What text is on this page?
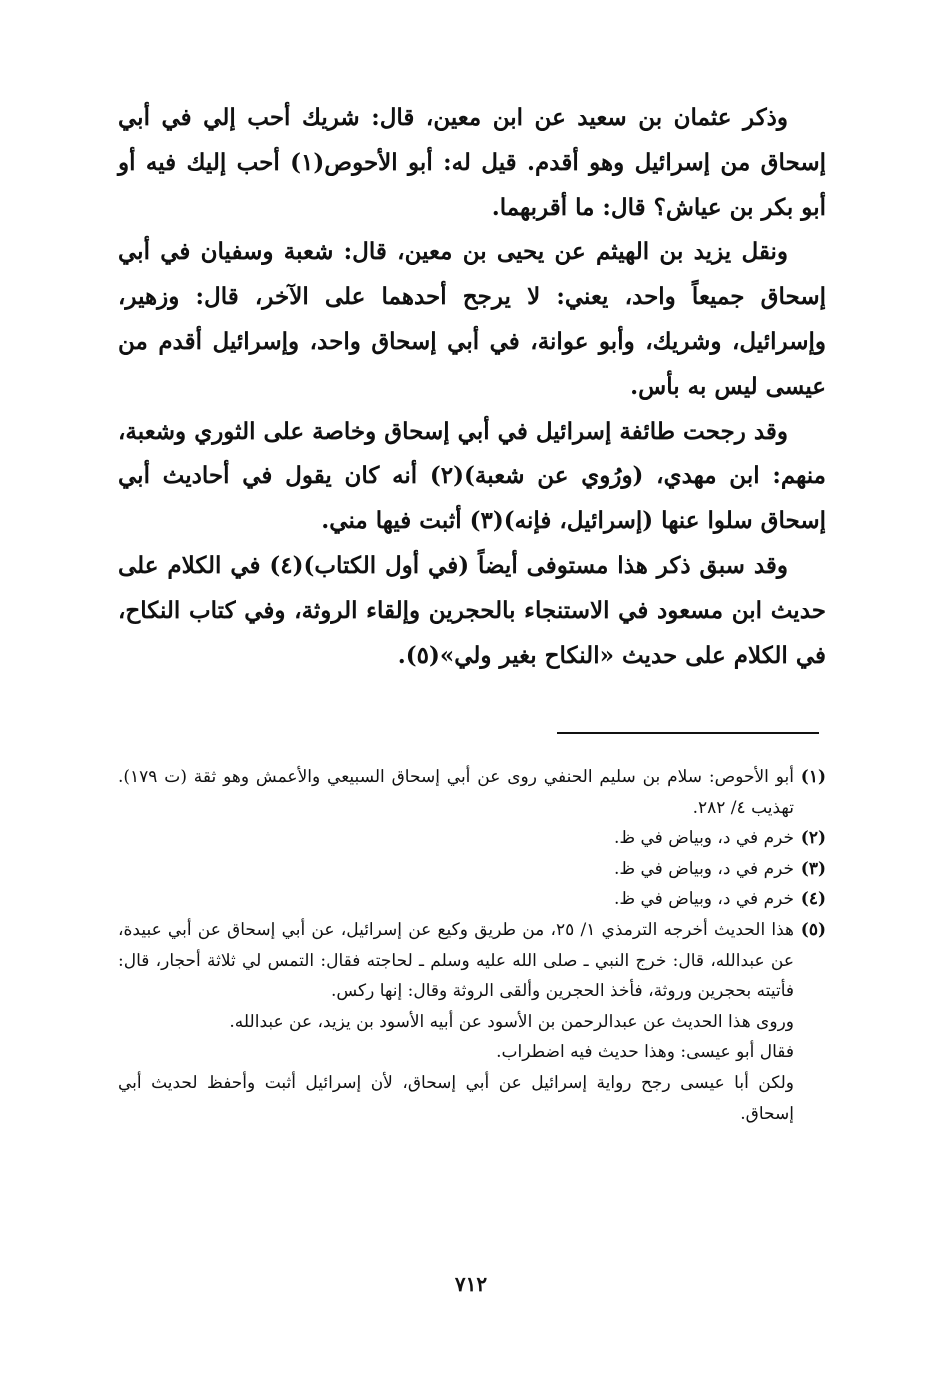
وذكر عثمان بن سعيد عن ابن معين، قال: شريك أحب إلي في أبي إسحاق من إسرائيل وهو أقدم. قيل له: أبو الأحوص(١) أحب إليك فيه أو أبو بكر بن عياش؟ قال: ما أقربهما.

ونقل يزيد بن الهيثم عن يحيى بن معين، قال: شعبة وسفيان في أبي إسحاق جميعاً واحد، يعني: لا يرجح أحدهما على الآخر، قال: وزهير، وإسرائيل، وشريك، وأبو عوانة، في أبي إسحاق واحد، وإسرائيل أقدم من عيسى ليس به بأس.

وقد رجحت طائفة إسرائيل في أبي إسحاق وخاصة على الثوري وشعبة، منهم: ابن مهدي، (ورُوي عن شعبة)(٢) أنه كان يقول في أحاديث أبي إسحاق سلوا عنها (إسرائيل، فإنه)(٣) أثبت فيها مني.

وقد سبق ذكر هذا مستوفى أيضاً (في أول الكتاب)(٤) في الكلام على حديث ابن مسعود في الاستنجاء بالحجرين وإلقاء الروثة، وفي كتاب النكاح، في الكلام على حديث «النكاح بغير ولي»(٥).

(١)
أبو الأحوص: سلام بن سليم الحنفي روى عن أبي إسحاق السبيعي والأعمش وهو ثقة (ت ١٧٩). تهذيب ٤/ ٢٨٢.
(٢)
خرم في د، وبياض في ظ.
(٣)
خرم في د، وبياض في ظ.
(٤)
خرم في د، وبياض في ظ.
(٥)
هذا الحديث أخرجه الترمذي ١/ ٢٥، من طريق وكيع عن إسرائيل، عن أبي إسحاق عن أبي عبيدة، عن عبدالله، قال: خرج النبي ـ صلى الله عليه وسلم ـ لحاجته فقال: التمس لي ثلاثة أحجار، قال: فأتيته بحجرين وروثة، فأخذ الحجرين وألقى الروثة وقال: إنها ركس.

وروى هذا الحديث عن عبدالرحمن بن الأسود عن أبيه الأسود بن يزيد، عن عبدالله.

فقال أبو عيسى: وهذا حديث فيه اضطراب.

ولكن أبا عيسى رجح رواية إسرائيل عن أبي إسحاق، لأن إسرائيل أثبت وأحفظ لحديث أبي إسحاق.

٧١٢
